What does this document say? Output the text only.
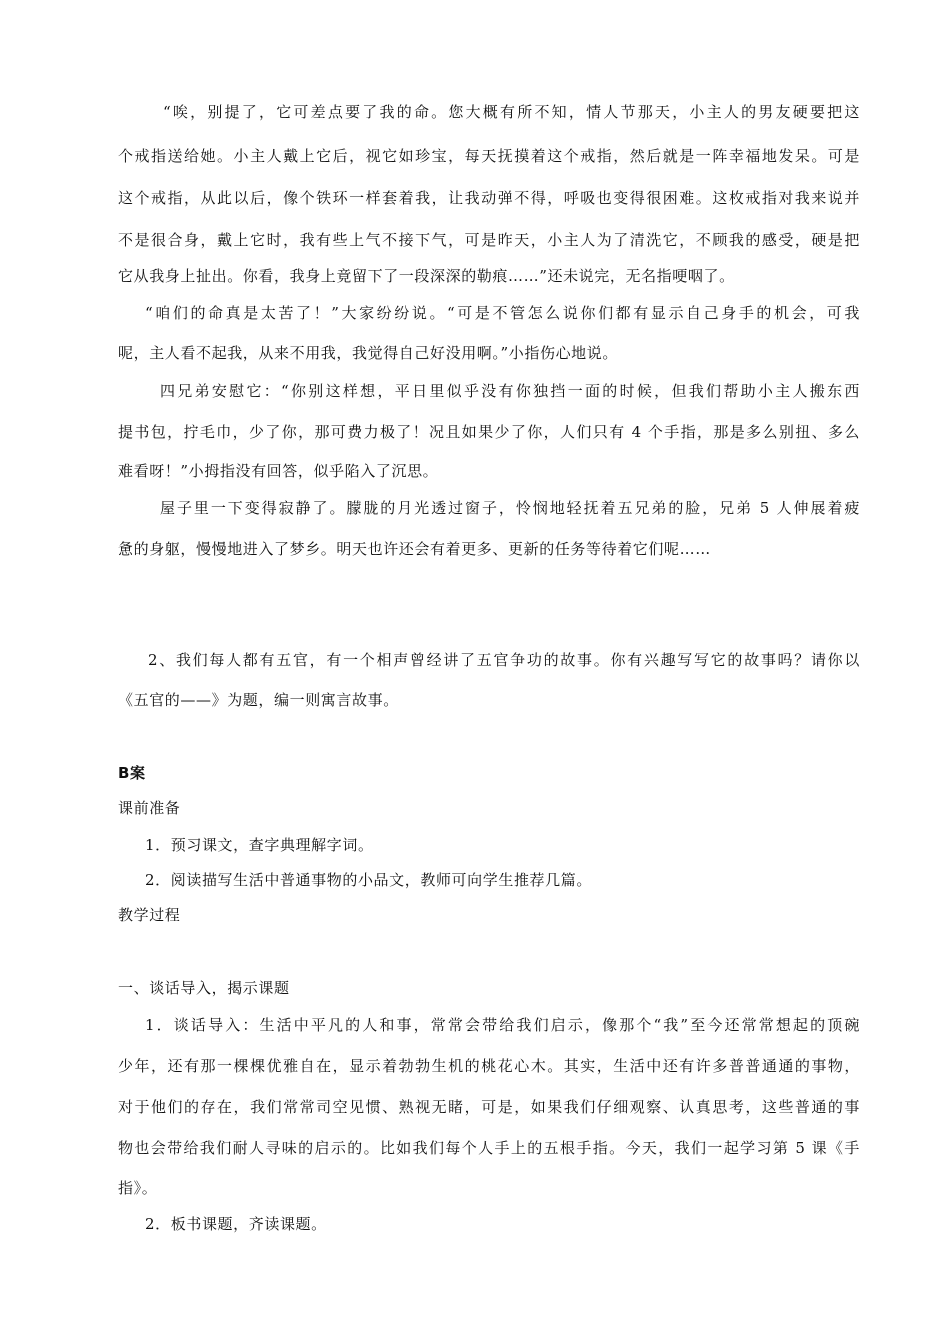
“唉，别提了，它可差点要了我的命。您大概有所不知，情人节那天，小主人的男友硬要把这
个戒指送给她。小主人戴上它后，视它如珍宝，每天抚摸着这个戒指，然后就是一阵幸福地发呆。可是
这个戒指，从此以后，像个铁环一样套着我，让我动弹不得，呼吸也变得很困难。这枚戒指对我来说并
不是很合身，戴上它时，我有些上气不接下气，可是昨天，小主人为了清洗它，不顾我的感受，硬是把
它从我身上扯出。你看，我身上竟留下了一段深深的勒痕……”还未说完，无名指哽咽了。
“咱们的命真是太苦了！”大家纷纷说。“可是不管怎么说你们都有显示自己身手的机会，可我
呢，主人看不起我，从来不用我，我觉得自己好没用啊。”小指伤心地说。
四兄弟安慰它：“你别这样想，平日里似乎没有你独挡一面的时候，但我们帮助小主人搬东西
提书包，拧毛巾，少了你，那可费力极了！况且如果少了你，人们只有 4 个手指，那是多么别扭、多么
难看呀！”小拇指没有回答，似乎陷入了沉思。
屋子里一下变得寂静了。朦胧的月光透过窗子，怜悯地轻抚着五兄弟的脸，兄弟 5 人伸展着疲
惫的身躯，慢慢地进入了梦乡。明天也许还会有着更多、更新的任务等待着它们呢……
2、我们每人都有五官，有一个相声曾经讲了五官争功的故事。你有兴趣写写它的故事吗？请你以
《五官的——》为题，编一则寓言故事。
B案
课前准备
1．预习课文，查字典理解字词。
2．阅读描写生活中普通事物的小品文，教师可向学生推荐几篇。
教学过程
一、谈话导入，揭示课题
1．谈话导入：生活中平凡的人和事，常常会带给我们启示，像那个“我”至今还常常想起的顶碗
少年，还有那一棵棵优雅自在，显示着勃勃生机的桃花心木。其实，生活中还有许多普普通通的事物，
对于他们的存在，我们常常司空见惯、熟视无睹，可是，如果我们仔细观察、认真思考，这些普通的事
物也会带给我们耐人寻味的启示的。比如我们每个人手上的五根手指。今天，我们一起学习第 5 课《手
指》。
2．板书课题，齐读课题。
